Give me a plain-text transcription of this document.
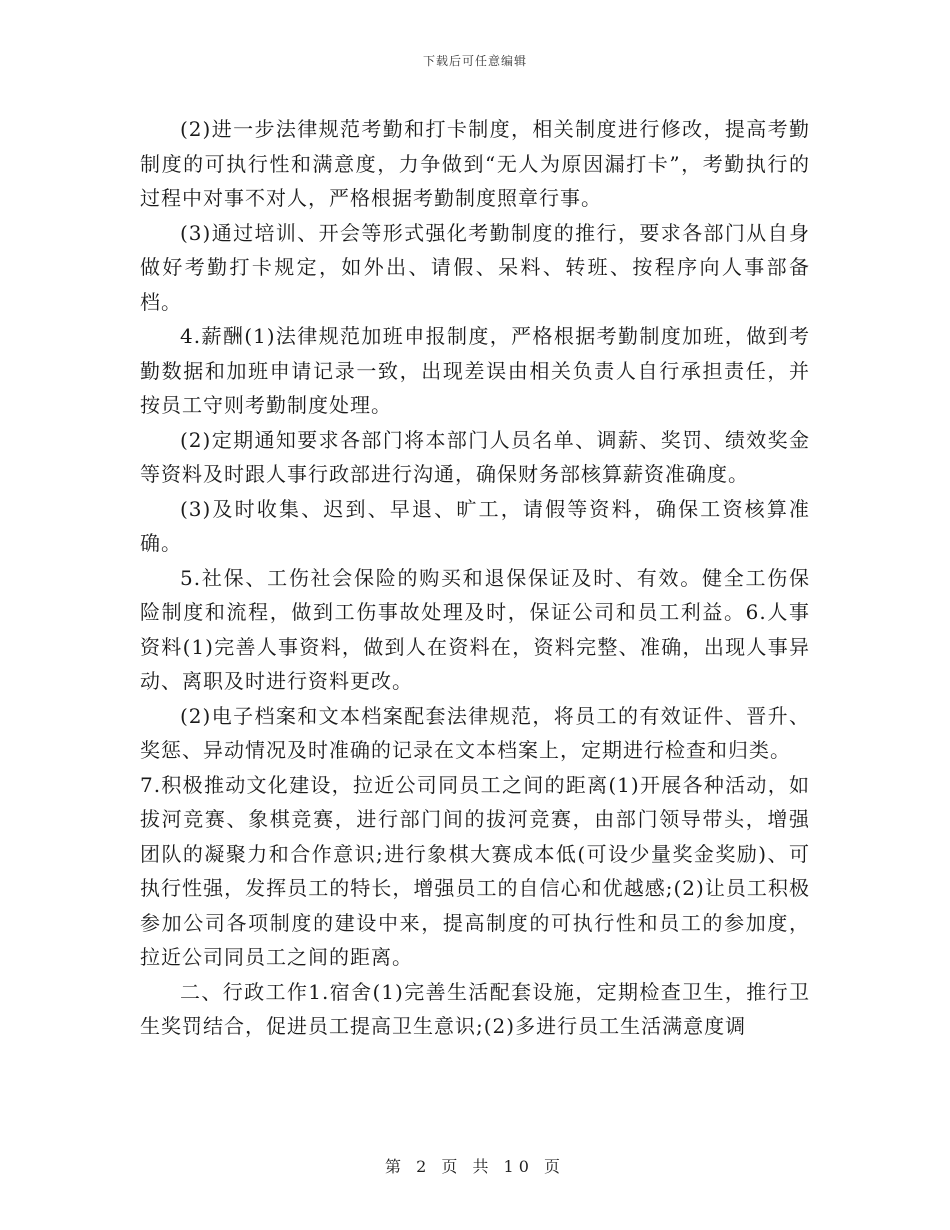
下载后可任意编辑

(2)进一步法律规范考勤和打卡制度，相关制度进行修改，提高考勤制度的可执行性和满意度，力争做到“无人为原因漏打卡”，考勤执行的过程中对事不对人，严格根据考勤制度照章行事。

(3)通过培训、开会等形式强化考勤制度的推行，要求各部门从自身做好考勤打卡规定，如外出、请假、呆料、转班、按程序向人事部备档。

4.薪酬(1)法律规范加班申报制度，严格根据考勤制度加班，做到考勤数据和加班申请记录一致，出现差误由相关负责人自行承担责任，并按员工守则考勤制度处理。

(2)定期通知要求各部门将本部门人员名单、调薪、奖罚、绩效奖金等资料及时跟人事行政部进行沟通，确保财务部核算薪资准确度。

(3)及时收集、迟到、早退、旷工，请假等资料，确保工资核算准确。

5.社保、工伤社会保险的购买和退保保证及时、有效。健全工伤保险制度和流程，做到工伤事故处理及时，保证公司和员工利益。6.人事资料(1)完善人事资料，做到人在资料在，资料完整、准确，出现人事异动、离职及时进行资料更改。

(2)电子档案和文本档案配套法律规范，将员工的有效证件、晋升、奖惩、异动情况及时准确的记录在文本档案上，定期进行检查和归类。

7.积极推动文化建设，拉近公司同员工之间的距离(1)开展各种活动，如拔河竞赛、象棋竞赛，进行部门间的拔河竞赛，由部门领导带头，增强团队的凝聚力和合作意识;进行象棋大赛成本低(可设少量奖金奖励)、可执行性强，发挥员工的特长，增强员工的自信心和优越感;(2)让员工积极参加公司各项制度的建设中来，提高制度的可执行性和员工的参加度，拉近公司同员工之间的距离。

二、行政工作1.宿舍(1)完善生活配套设施，定期检查卫生，推行卫生奖罚结合，促进员工提高卫生意识;(2)多进行员工生活满意度调

第 2 页 共 10 页
